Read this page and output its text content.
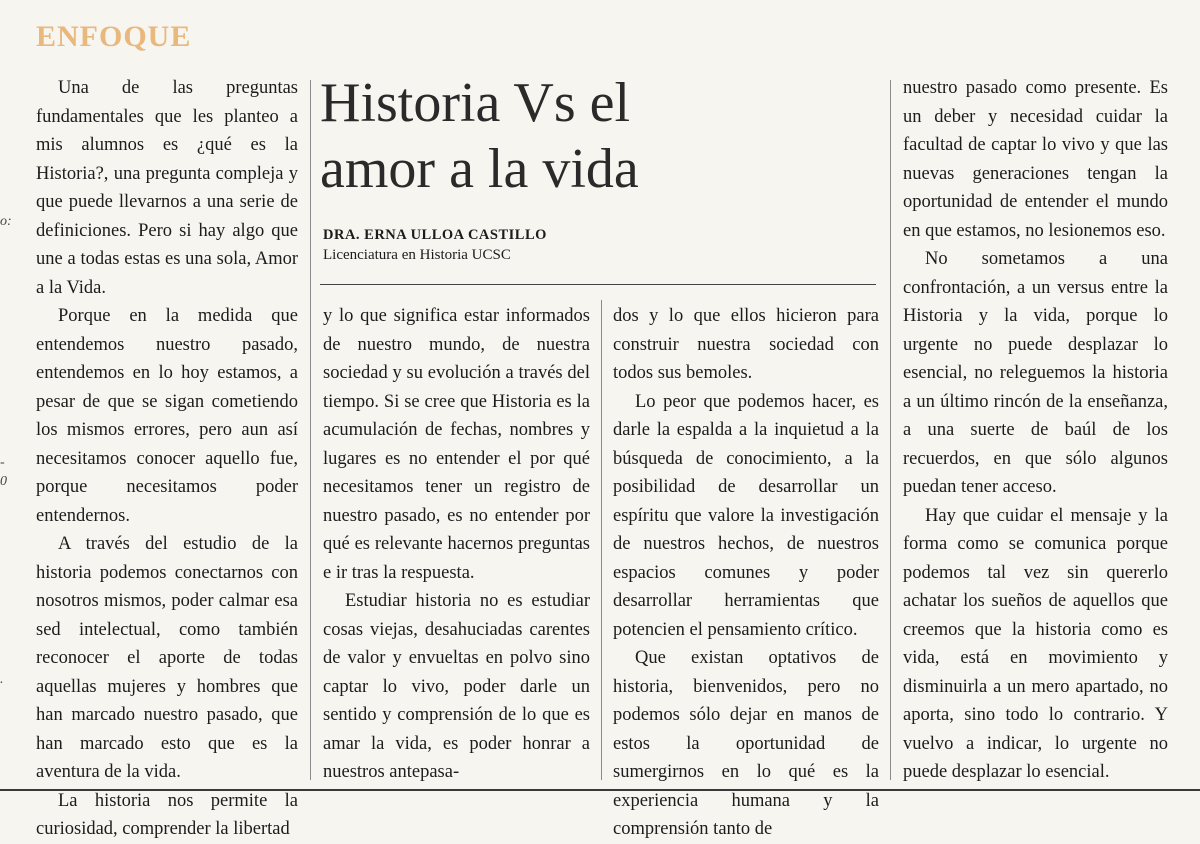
o:
-
0
.
ENFOQUE
Historia Vs el
amor a la vida
DRA. ERNA ULLOA CASTILLO
Licenciatura en Historia UCSC

Una de las preguntas fundamentales que les planteo a mis alumnos es ¿qué es la Historia?, una pregunta compleja y que puede llevarnos a una serie de definiciones. Pero si hay algo que une a todas estas es una sola, Amor a la Vida.

Porque en la medida que entendemos nuestro pasado, entendemos en lo hoy estamos, a pesar de que se sigan cometiendo los mismos errores, pero aun así necesitamos conocer aquello fue, porque necesitamos poder entendernos.

A través del estudio de la historia podemos conectarnos con nosotros mismos, poder calmar esa sed intelectual, como también reconocer el aporte de todas aquellas mujeres y hombres que han marcado nuestro pasado, que han marcado esto que es la aventura de la vida.

La historia nos permite la curiosidad, comprender la libertad

y lo que significa estar informados de nuestro mundo, de nuestra sociedad y su evolución a través del tiempo. Si se cree que Historia es la acumulación de fechas, nombres y lugares es no entender el por qué necesitamos tener un registro de nuestro pasado, es no entender por qué es relevante hacernos preguntas e ir tras la respuesta.

Estudiar historia no es estudiar cosas viejas, desahuciadas carentes de valor y envueltas en polvo sino captar lo vivo, poder darle un sentido y comprensión de lo que es amar la vida, es poder honrar a nuestros antepasa-

dos y lo que ellos hicieron para construir nuestra sociedad con todos sus bemoles.

Lo peor que podemos hacer, es darle la espalda a la inquietud a la búsqueda de conocimiento, a la posibilidad de desarrollar un espíritu que valore la investigación de nuestros hechos, de nuestros espacios comunes y poder desarrollar herramientas que potencien el pensamiento crítico.

Que existan optativos de historia, bienvenidos, pero no podemos sólo dejar en manos de estos la oportunidad de sumergirnos en lo qué es la experiencia humana y la comprensión tanto de

nuestro pasado como presente. Es un deber y necesidad cuidar la facultad de captar lo vivo y que las nuevas generaciones tengan la oportunidad de entender el mundo en que estamos, no lesionemos eso.

No sometamos a una confrontación, a un versus entre la Historia y la vida, porque lo urgente no puede desplazar lo esencial, no releguemos la historia a un último rincón de la enseñanza, a una suerte de baúl de los recuerdos, en que sólo algunos puedan tener acceso.

Hay que cuidar el mensaje y la forma como se comunica porque podemos tal vez sin quererlo achatar los sueños de aquellos que creemos que la historia como es vida, está en movimiento y disminuirla a un mero apartado, no aporta, sino todo lo contrario. Y vuelvo a indicar, lo urgente no puede desplazar lo esencial.
